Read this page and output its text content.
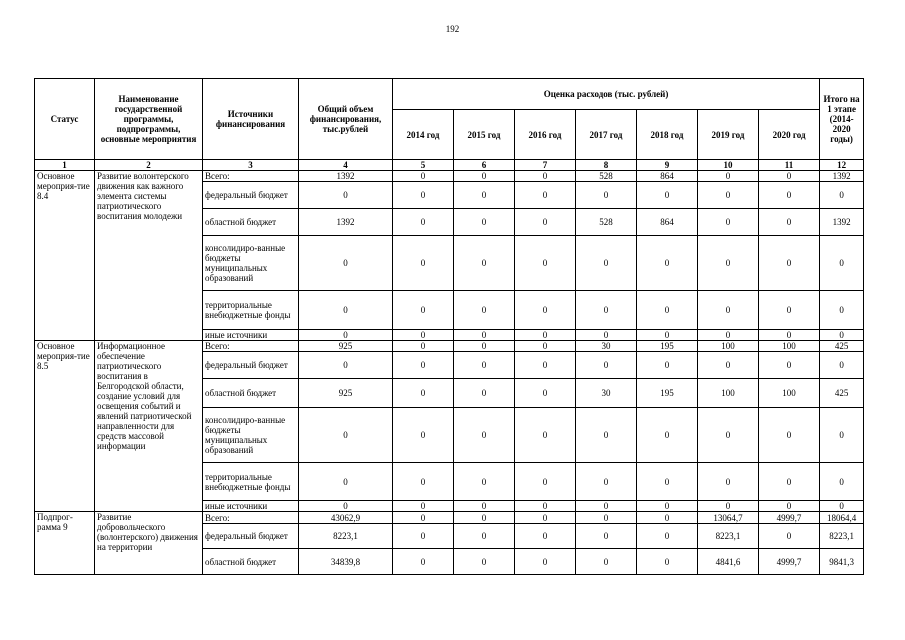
192
Статус	Наименование государственной программы, подпрограммы, основные мероприятия	Источники финансирования	Общий объем финансирования, тыс.рублей	Оценка расходов (тыс. рублей)							Итого на 1 этапе (2014-2020 годы)
				2014 год	2015 год	2016 год	2017 год	2018 год	2019 год	2020 год	
1	2	3	4	5	6	7	8	9	10	11	12
Основное мероприя-тие 8.4	Развитие волонтерского движения как важного элемента системы патриотического воспитания молодежи	Всего:	1392	0	0	0	528	864	0	0	1392
		федеральный бюджет	0	0	0	0	0	0	0	0	0
		областной бюджет	1392	0	0	0	528	864	0	0	1392
		консолидиро-ванные бюджеты муниципальных образований	0	0	0	0	0	0	0	0	0
		территориальные внебюджетные фонды	0	0	0	0	0	0	0	0	0
		иные источники	0	0	0	0	0	0	0	0	0
Основное мероприя-тие 8.5	Информационное обеспечение патриотического воспитания в Белгородской области, создание условий для освещения событий и явлений патриотической направленности для средств массовой информации	Всего:	925	0	0	0	30	195	100	100	425
		федеральный бюджет	0	0	0	0	0	0	0	0	0
		областной бюджет	925	0	0	0	30	195	100	100	425
		консолидиро-ванные бюджеты муниципальных образований	0	0	0	0	0	0	0	0	0
		территориальные внебюджетные фонды	0	0	0	0	0	0	0	0	0
		иные источники	0	0	0	0	0	0	0	0	0
Подпрог-рамма 9	Развитие добровольческого (волонтерского) движения на территории	Всего:	43062,9	0	0	0	0	0	13064,7	4999,7	18064,4
		федеральный бюджет	8223,1	0	0	0	0	0	8223,1	0	8223,1
		областной бюджет	34839,8	0	0	0	0	0	4841,6	4999,7	9841,3
